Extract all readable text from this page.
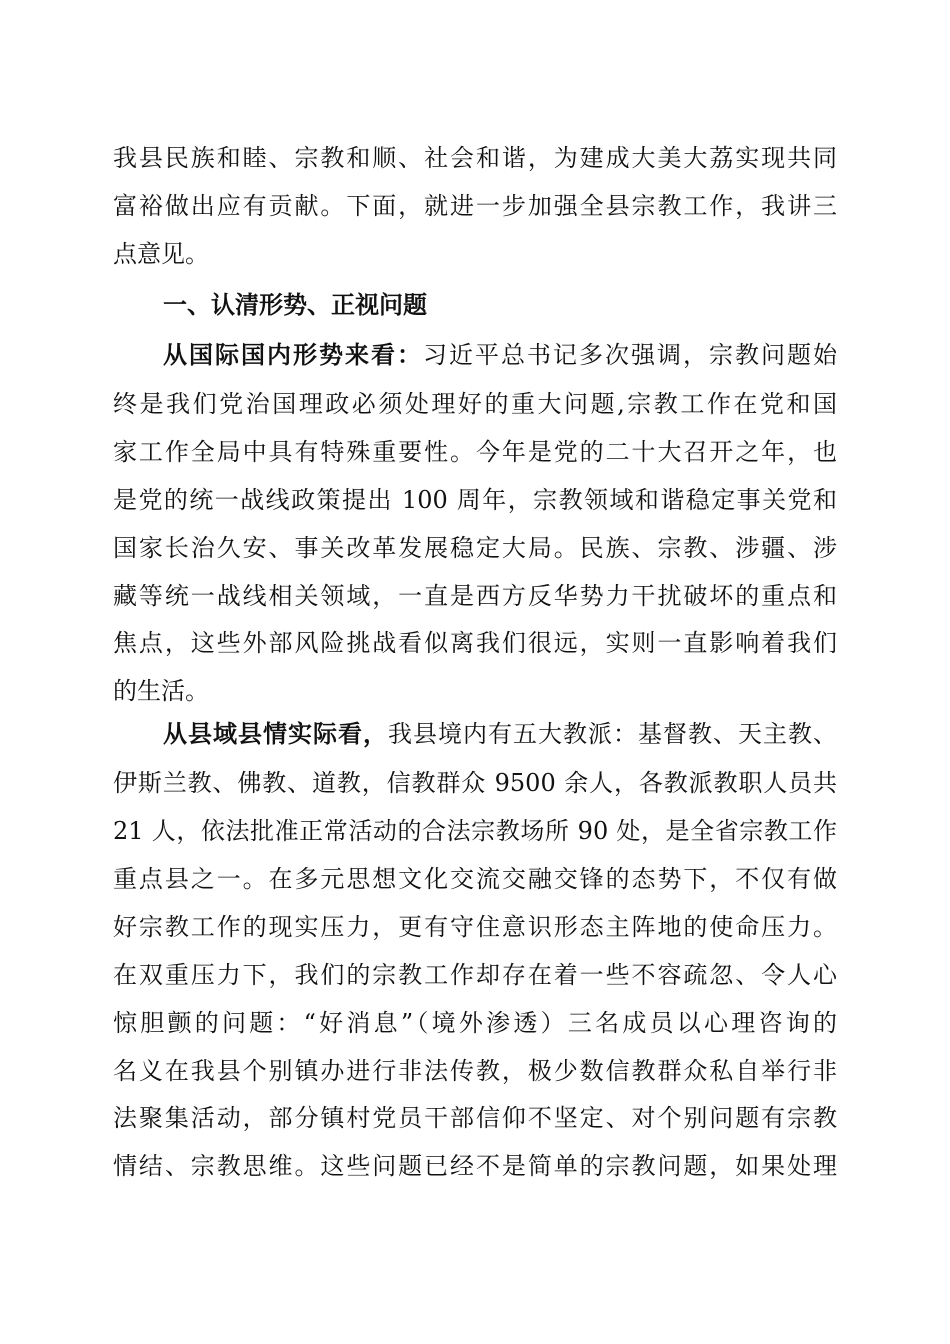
我县民族和睦、宗教和顺、社会和谐，为建成大美大荔实现共同
富裕做出应有贡献。下面，就进一步加强全县宗教工作，我讲三
点意见。
一、认清形势、正视问题
从国际国内形势来看：习近平总书记多次强调，宗教问题始
终是我们党治国理政必须处理好的重大问题,宗教工作在党和国
家工作全局中具有特殊重要性。今年是党的二十大召开之年，也
是党的统一战线政策提出 100 周年，宗教领域和谐稳定事关党和
国家长治久安、事关改革发展稳定大局。民族、宗教、涉疆、涉
藏等统一战线相关领域，一直是西方反华势力干扰破坏的重点和
焦点，这些外部风险挑战看似离我们很远，实则一直影响着我们
的生活。
从县域县情实际看，我县境内有五大教派：基督教、天主教、
伊斯兰教、佛教、道教，信教群众 9500 余人，各教派教职人员共
21 人，依法批准正常活动的合法宗教场所 90 处，是全省宗教工作
重点县之一。在多元思想文化交流交融交锋的态势下，不仅有做
好宗教工作的现实压力，更有守住意识形态主阵地的使命压力。
在双重压力下，我们的宗教工作却存在着一些不容疏忽、令人心
惊胆颤的问题：“好消息”（境外渗透）三名成员以心理咨询的
名义在我县个别镇办进行非法传教，极少数信教群众私自举行非
法聚集活动，部分镇村党员干部信仰不坚定、对个别问题有宗教
情结、宗教思维。这些问题已经不是简单的宗教问题，如果处理
